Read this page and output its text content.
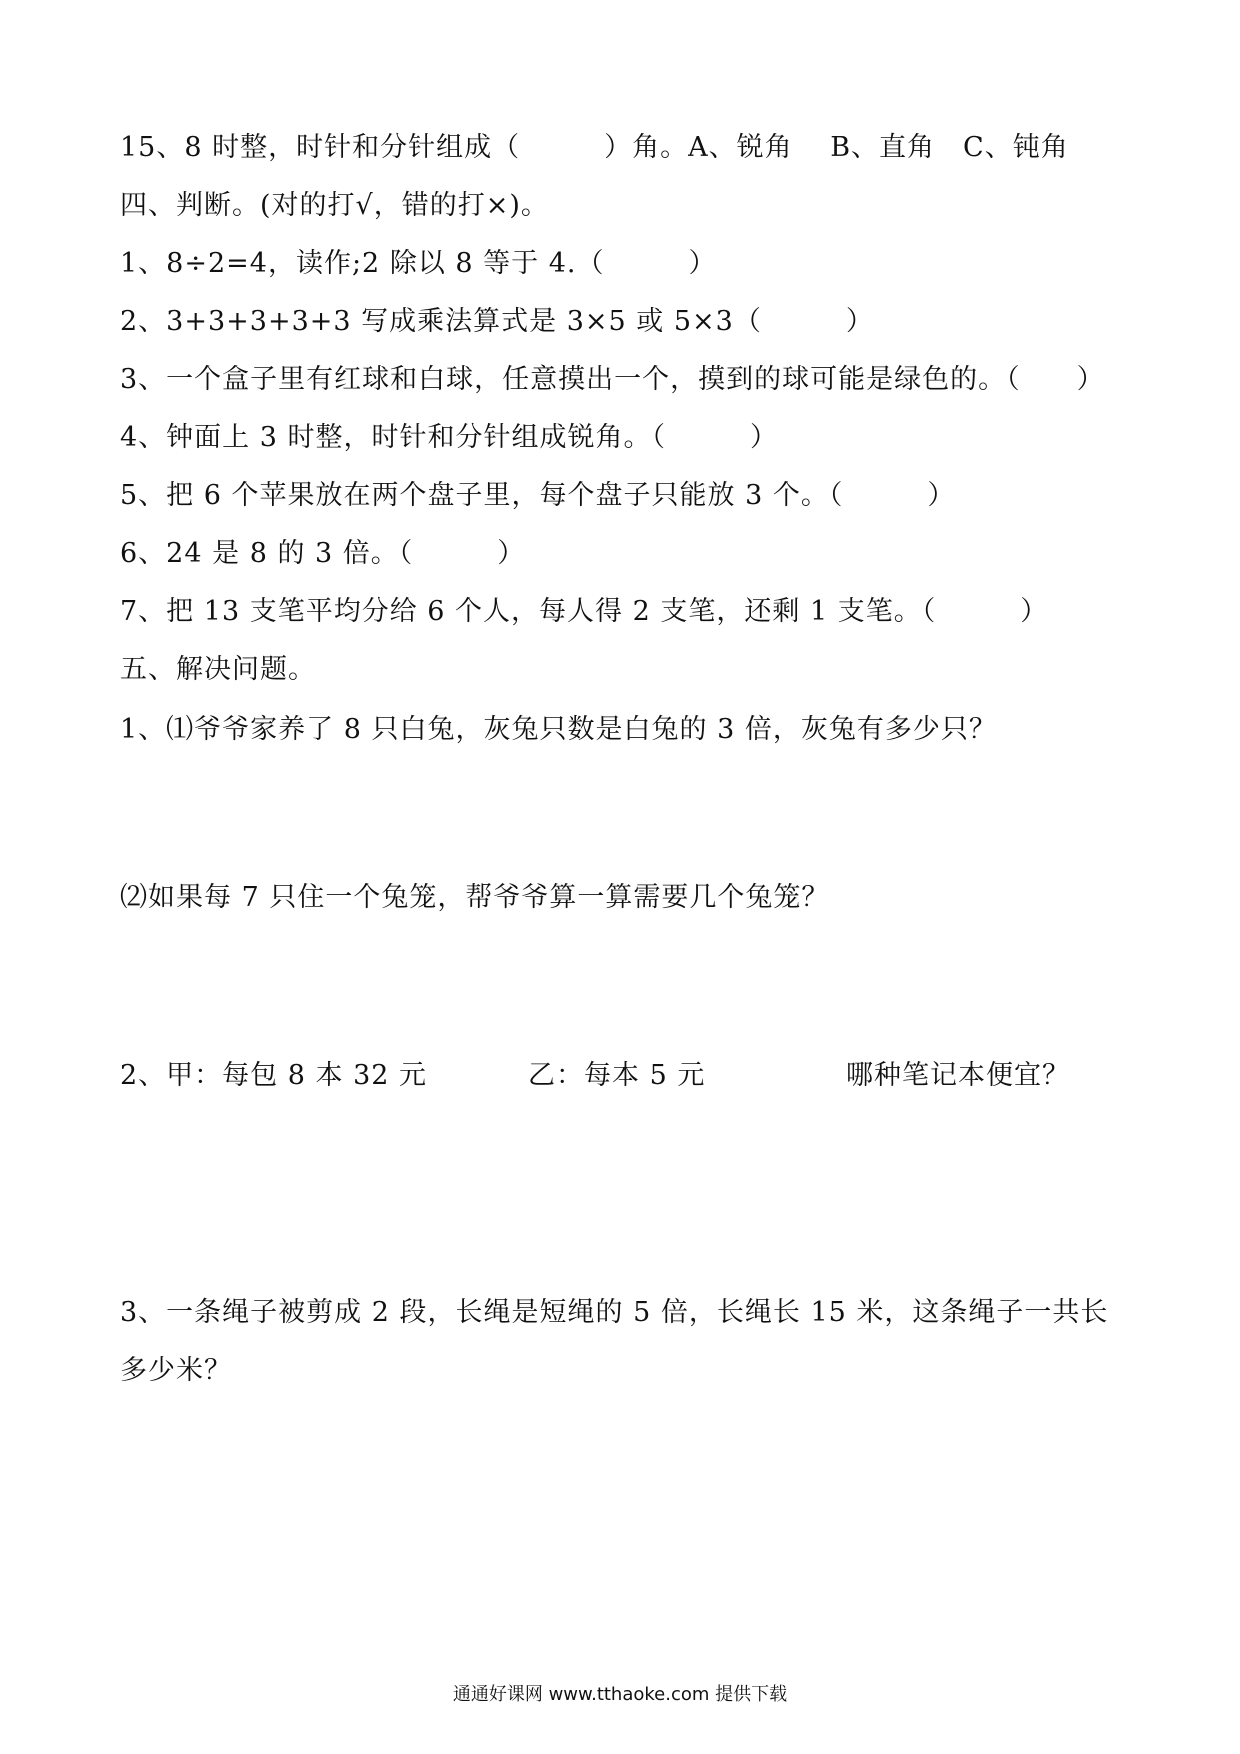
15、8 时整，时针和分针组成（　　　）角。A、锐角　 B、直角　C、钝角
四、判断。(对的打√，错的打×)。
1、8÷2=4，读作;2 除以 8 等于 4.（　　　）
2、3+3+3+3+3 写成乘法算式是 3×5 或 5×3（　　　）
3、一个盒子里有红球和白球，任意摸出一个，摸到的球可能是绿色的。（　　）
4、钟面上 3 时整，时针和分针组成锐角。（　　　）
5、把 6 个苹果放在两个盘子里，每个盘子只能放 3 个。（　　　）
6、24 是 8 的 3 倍。（　　　）
7、把 13 支笔平均分给 6 个人，每人得 2 支笔，还剩 1 支笔。（　　　）
五、解决问题。
1、⑴爷爷家养了 8 只白兔，灰兔只数是白兔的 3 倍，灰兔有多少只？
⑵如果每 7 只住一个兔笼，帮爷爷算一算需要几个兔笼？
2、甲：每包 8 本 32 元	乙：每本 5 元	哪种笔记本便宜？
3、一条绳子被剪成 2 段，长绳是短绳的 5 倍，长绳长 15 米，这条绳子一共长
多少米？
通通好课网 www.tthaoke.com 提供下载
